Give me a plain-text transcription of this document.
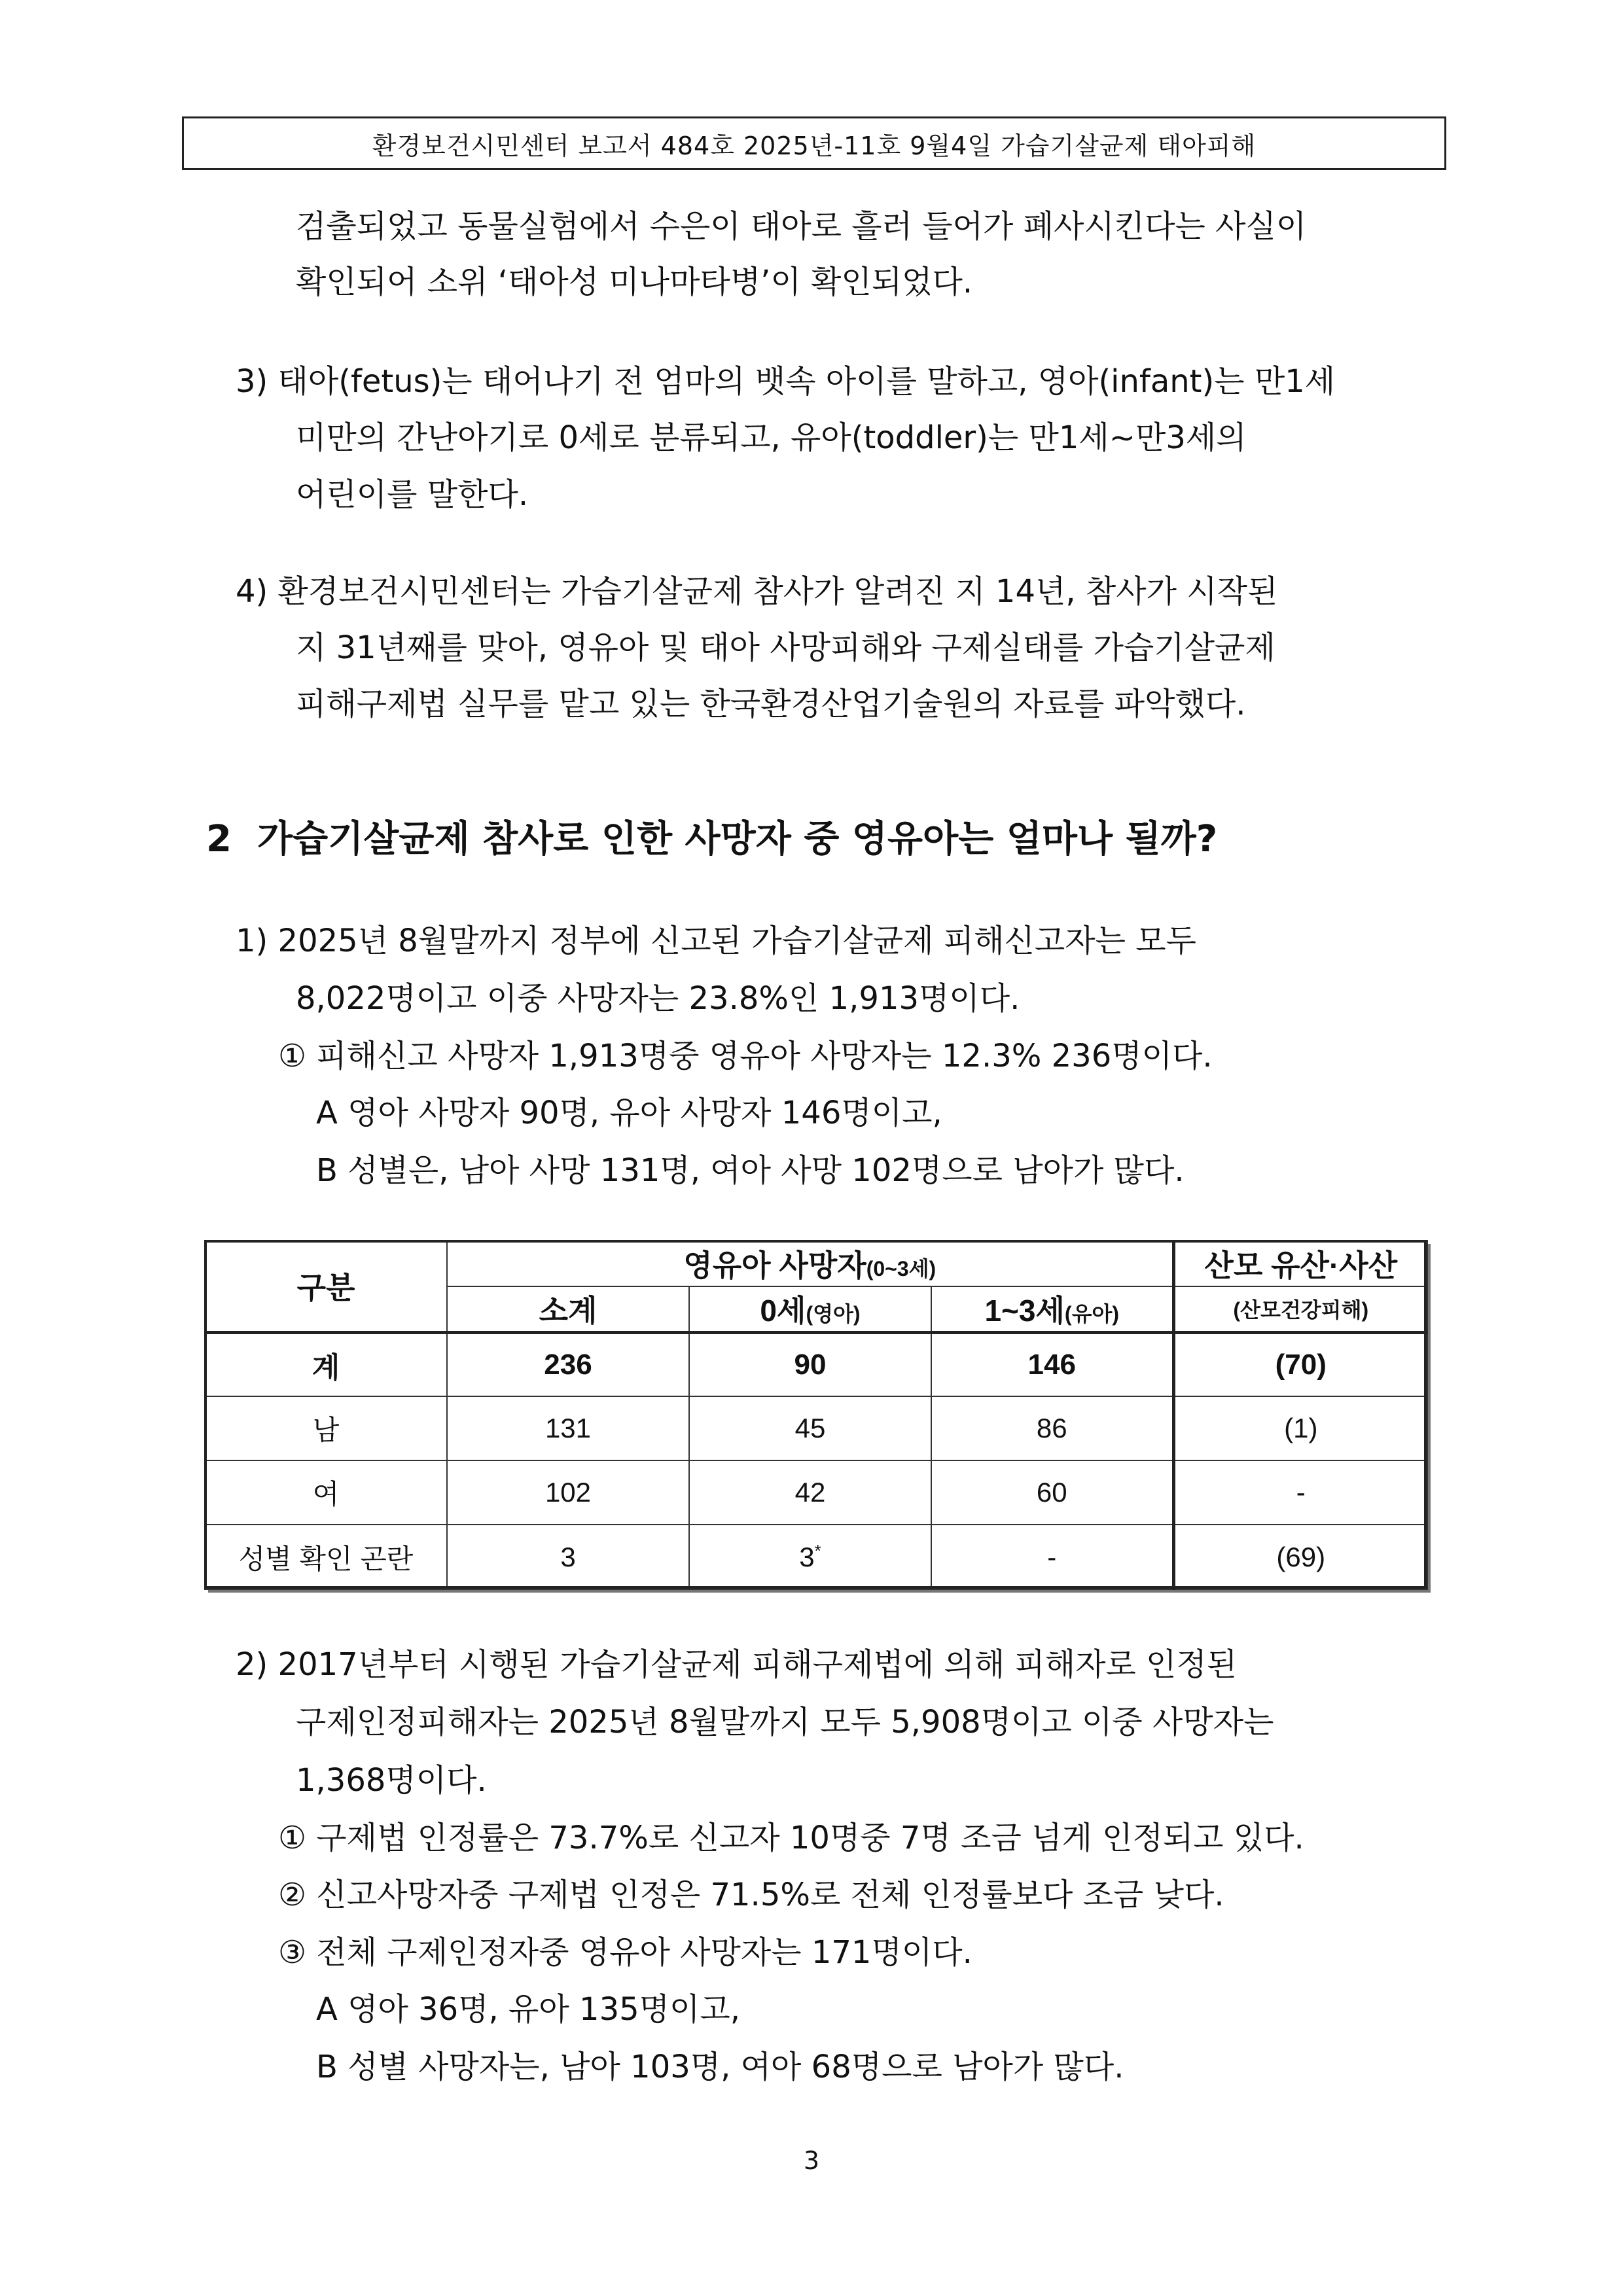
환경보건시민센터 보고서 484호 2025년-11호 9월4일 가습기살균제 태아피해
검출되었고 동물실험에서 수은이 태아로 흘러 들어가 폐사시킨다는 사실이
확인되어 소위 ‘태아성 미나마타병’이 확인되었다.
3) 태아(fetus)는 태어나기 전 엄마의 뱃속 아이를 말하고, 영아(infant)는 만1세
미만의 간난아기로 0세로 분류되고, 유아(toddler)는 만1세~만3세의
어린이를 말한다.
4) 환경보건시민센터는 가습기살균제 참사가 알려진 지 14년, 참사가 시작된
지 31년째를 맞아, 영유아 및 태아 사망피해와 구제실태를 가습기살균제
피해구제법 실무를 맡고 있는 한국환경산업기술원의 자료를 파악했다.
2 가습기살균제 참사로 인한 사망자 중 영유아는 얼마나 될까?
1) 2025년 8월말까지 정부에 신고된 가습기살균제 피해신고자는 모두
8,022명이고 이중 사망자는 23.8%인 1,913명이다.
① 피해신고 사망자 1,913명중 영유아 사망자는 12.3% 236명이다.
A 영아 사망자 90명, 유아 사망자 146명이고,
B 성별은, 남아 사망 131명, 여아 사망 102명으로 남아가 많다.
구분	영유아 사망자(0~3세)			산모 유산·사산
	소계	0세(영아)	1~3세(유아)	(산모건강피해)
계	236	90	146	(70)
남	131	45	86	(1)
여	102	42	60	-
성별 확인 곤란	3	3*	-	(69)
2) 2017년부터 시행된 가습기살균제 피해구제법에 의해 피해자로 인정된
구제인정피해자는 2025년 8월말까지 모두 5,908명이고 이중 사망자는
1,368명이다.
① 구제법 인정률은 73.7%로 신고자 10명중 7명 조금 넘게 인정되고 있다.
② 신고사망자중 구제법 인정은 71.5%로 전체 인정률보다 조금 낮다.
③ 전체 구제인정자중 영유아 사망자는 171명이다.
A 영아 36명, 유아 135명이고,
B 성별 사망자는, 남아 103명, 여아 68명으로 남아가 많다.
3
